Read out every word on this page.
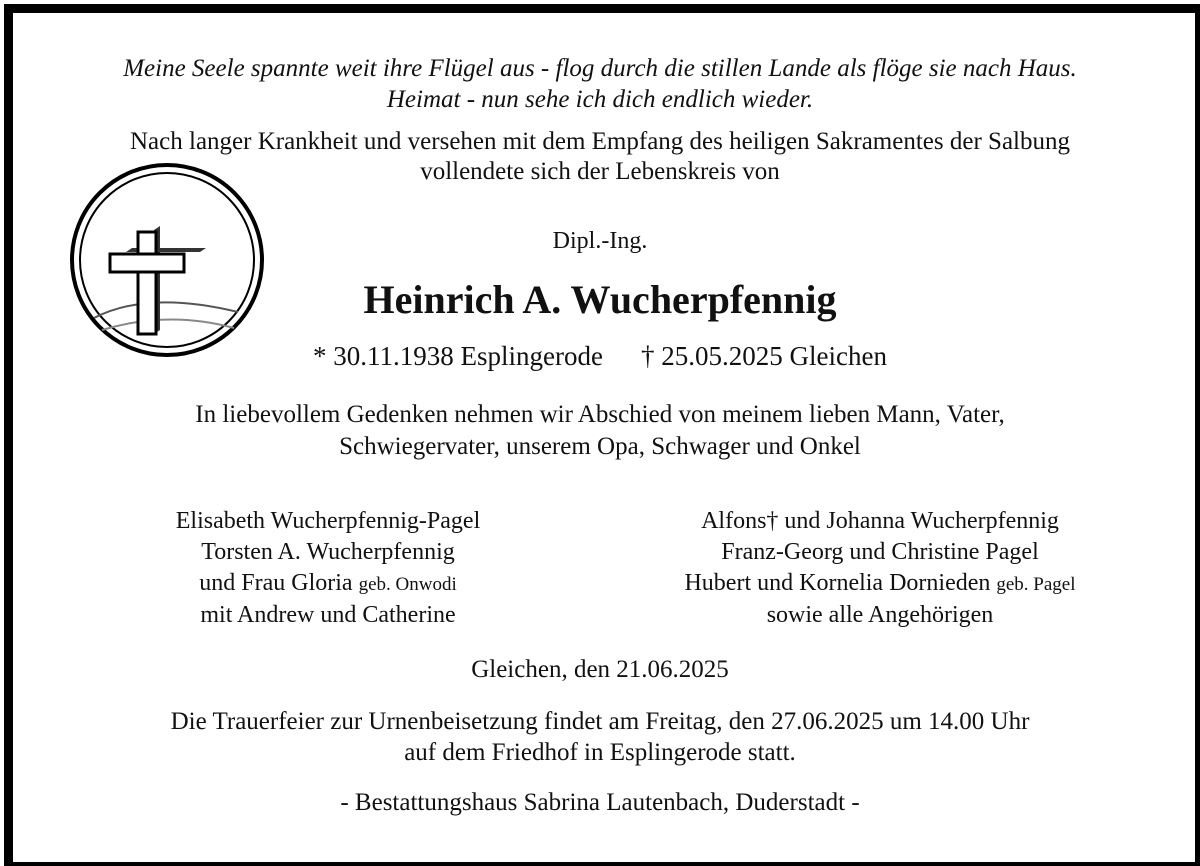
Meine Seele spannte weit ihre Flügel aus - flog durch die stillen Lande als flöge sie nach Haus.
Heimat - nun sehe ich dich endlich wieder.
Nach langer Krankheit und versehen mit dem Empfang des heiligen Sakramentes der Salbung
vollendete sich der Lebenskreis von
Dipl.-Ing.
Heinrich A. Wucherpfennig
* 30.11.1938 Esplingerode † 25.05.2025 Gleichen
In liebevollem Gedenken nehmen wir Abschied von meinem lieben Mann, Vater,
Schwiegervater, unserem Opa, Schwager und Onkel
Elisabeth Wucherpfennig-Pagel
Torsten A. Wucherpfennig
und Frau Gloria geb. Onwodi
mit Andrew und Catherine
Alfons† und Johanna Wucherpfennig
Franz-Georg und Christine Pagel
Hubert und Kornelia Dornieden geb. Pagel
sowie alle Angehörigen
Gleichen, den 21.06.2025
Die Trauerfeier zur Urnenbeisetzung findet am Freitag, den 27.06.2025 um 14.00 Uhr
auf dem Friedhof in Esplingerode statt.
- Bestattungshaus Sabrina Lautenbach, Duderstadt -
